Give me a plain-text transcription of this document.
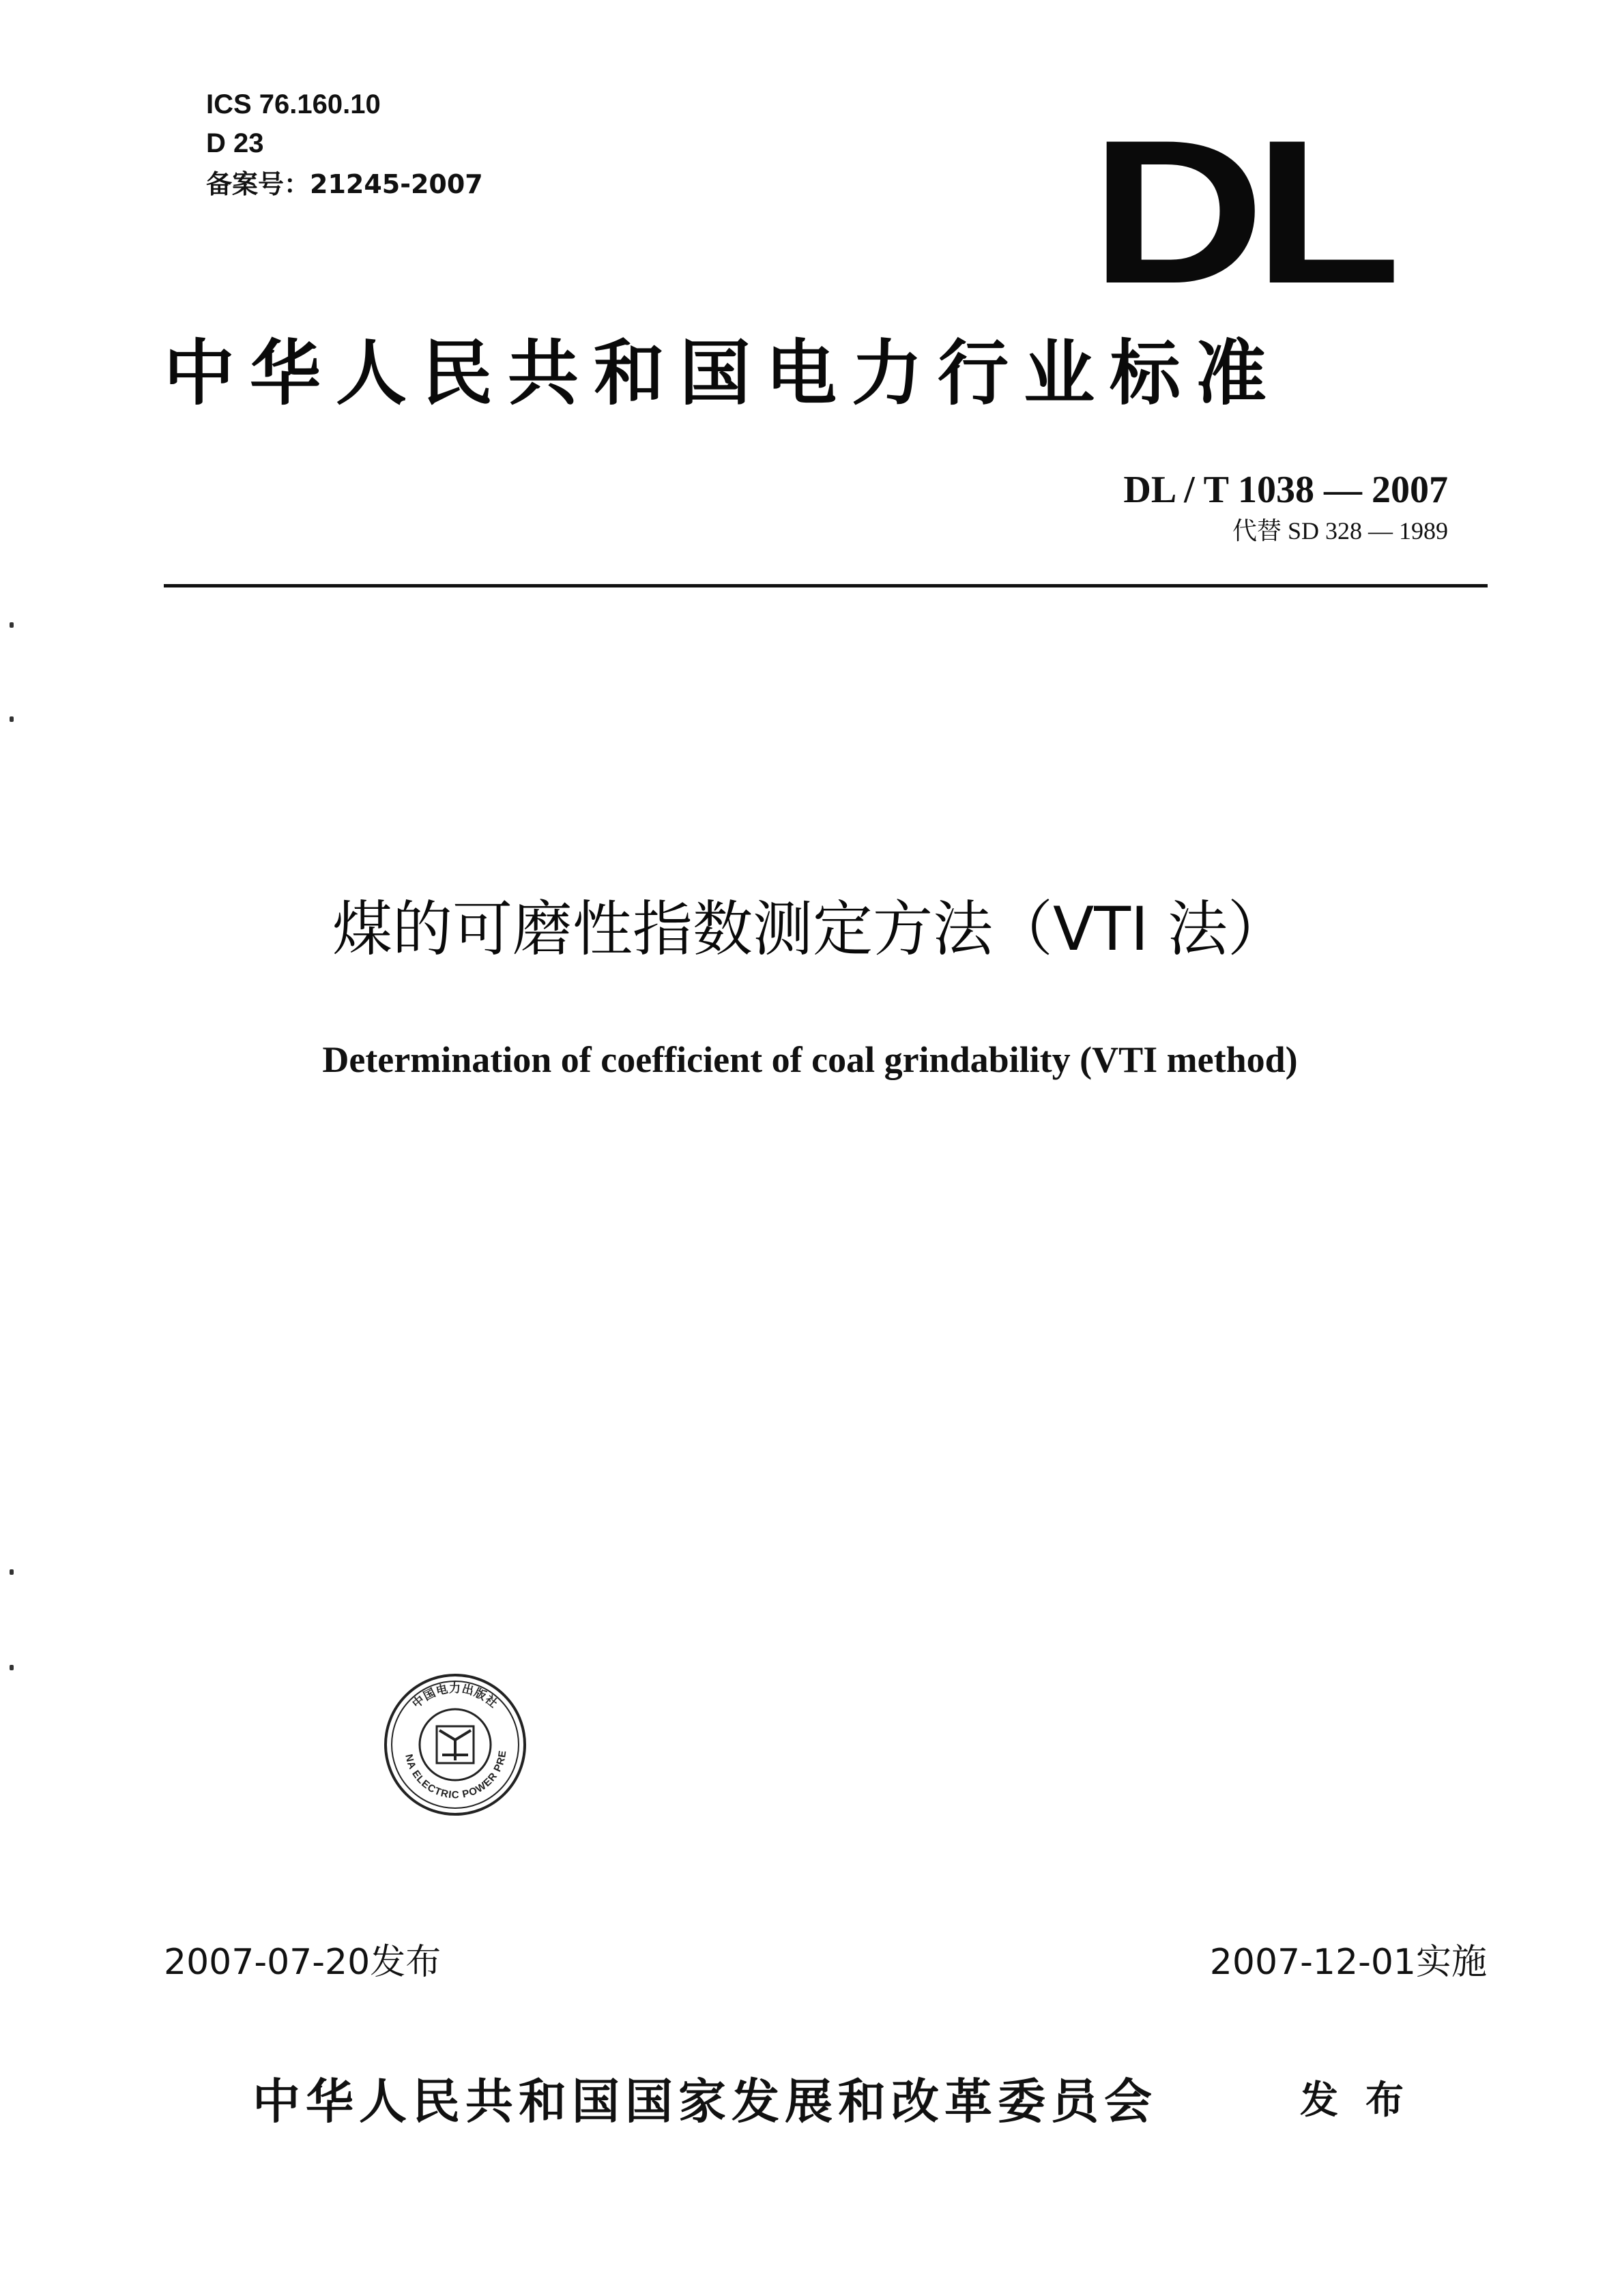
ICS 76.160.10
D 23
备案号：21245-2007	DL
中华人民共和国电力行业标准
DL / T 1038 — 2007
代替 SD 328 — 1989
煤的可磨性指数测定方法（VTI 法）
Determination of coefficient of coal grindability (VTI method)
中国电力出版社
NA ELECTRIC POWER PRE
2007-07-20发布	2007-12-01实施
中华人民共和国国家发展和改革委员会	发布
